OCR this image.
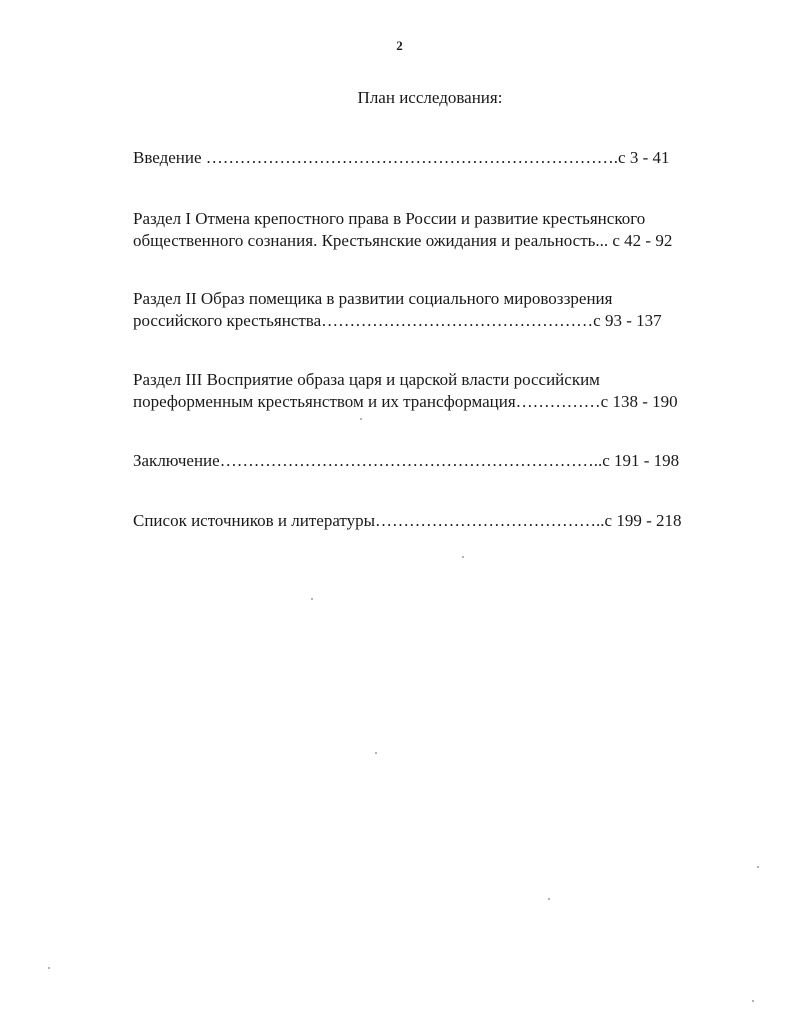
2
План исследования:
Введение ……………………………………………………………….с 3 - 41
Раздел I Отмена крепостного права в России и развитие крестьянского
общественного сознания. Крестьянские ожидания и реальность... с 42 - 92
Раздел II Образ помещика в развитии социального мировоззрения
российского крестьянства…………………………………………с 93 - 137
Раздел III Восприятие образа царя и царской власти российским
пореформенным крестьянством и их трансформация……………с 138 - 190
Заключение…………………………………………………………..с 191 - 198
Список источников и литературы…………………………………..с 199 - 218
